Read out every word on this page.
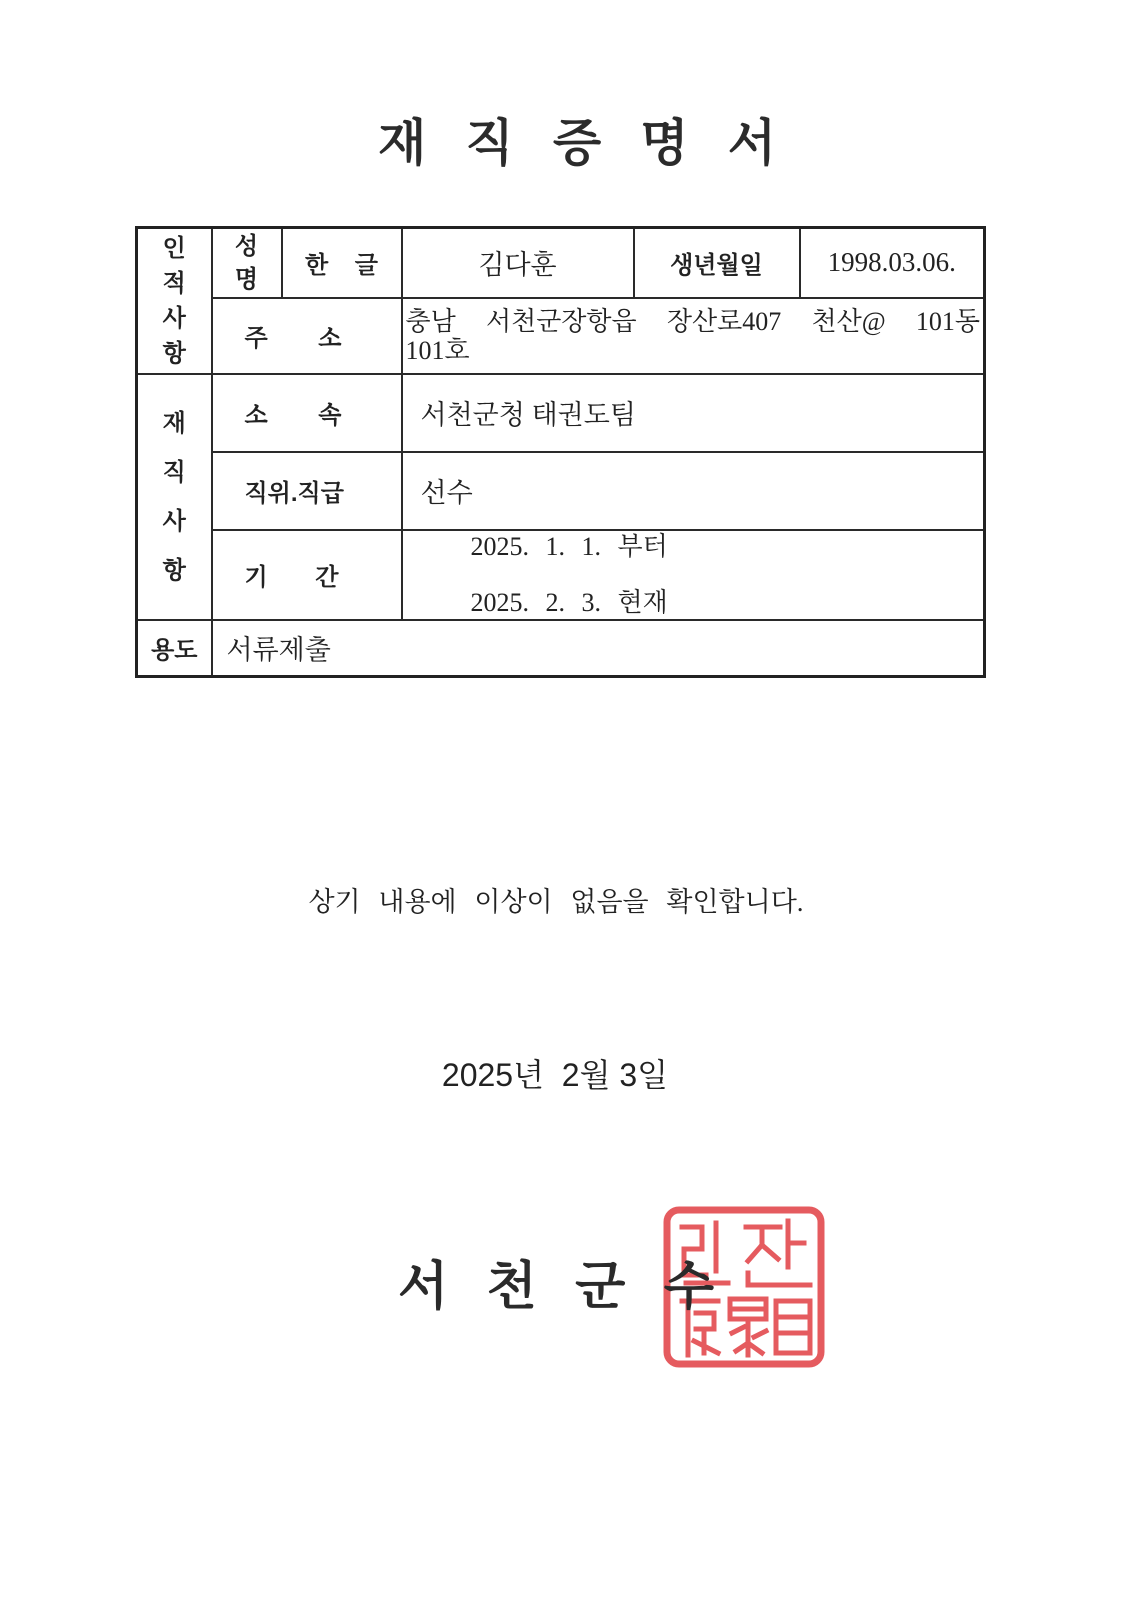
재 직 증 명 서
인적사항	성명	한 글	김다훈	생년월일	1998.03.06.
	주 소		충남 서천군장항읍 장산로407 천산@ 101동
101호		

재직사항	소 속		서천군청 태권도팀		
	직위.직급		선수		
	기 간		2025. 1. 1. 부터
2025. 2. 3. 현재		

용도	서류제출				
상기 내용에 이상이 없음을 확인합니다.
2025년  2월 3일
서 천 군 수
